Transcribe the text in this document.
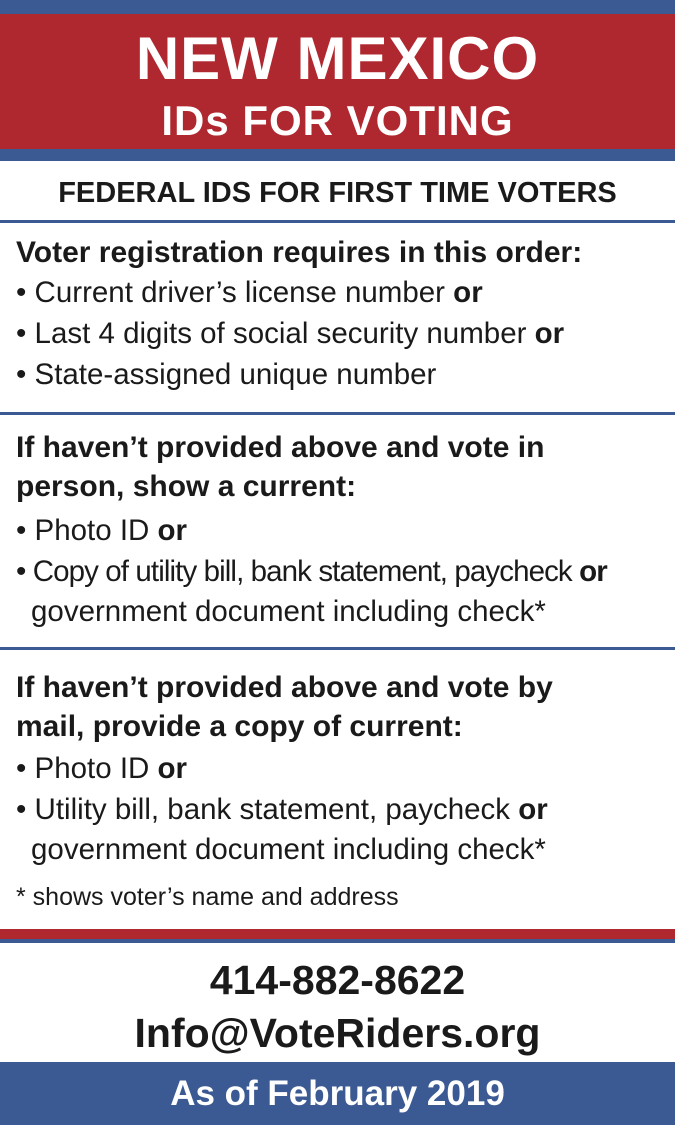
NEW MEXICO
IDs FOR VOTING
FEDERAL IDS FOR FIRST TIME VOTERS
Voter registration requires in this order:
• Current driver’s license number or
• Last 4 digits of social security number or
• State-assigned unique number
If haven’t provided above and vote in
person, show a current:
• Photo ID or
• Copy of utility bill, bank statement, paycheck or
government document including check*
If haven’t provided above and vote by
mail, provide a copy of current:
• Photo ID or
• Utility bill, bank statement, paycheck or
government document including check*
* shows voter’s name and address
414-882-8622
Info@VoteRiders.org
As of February 2019
